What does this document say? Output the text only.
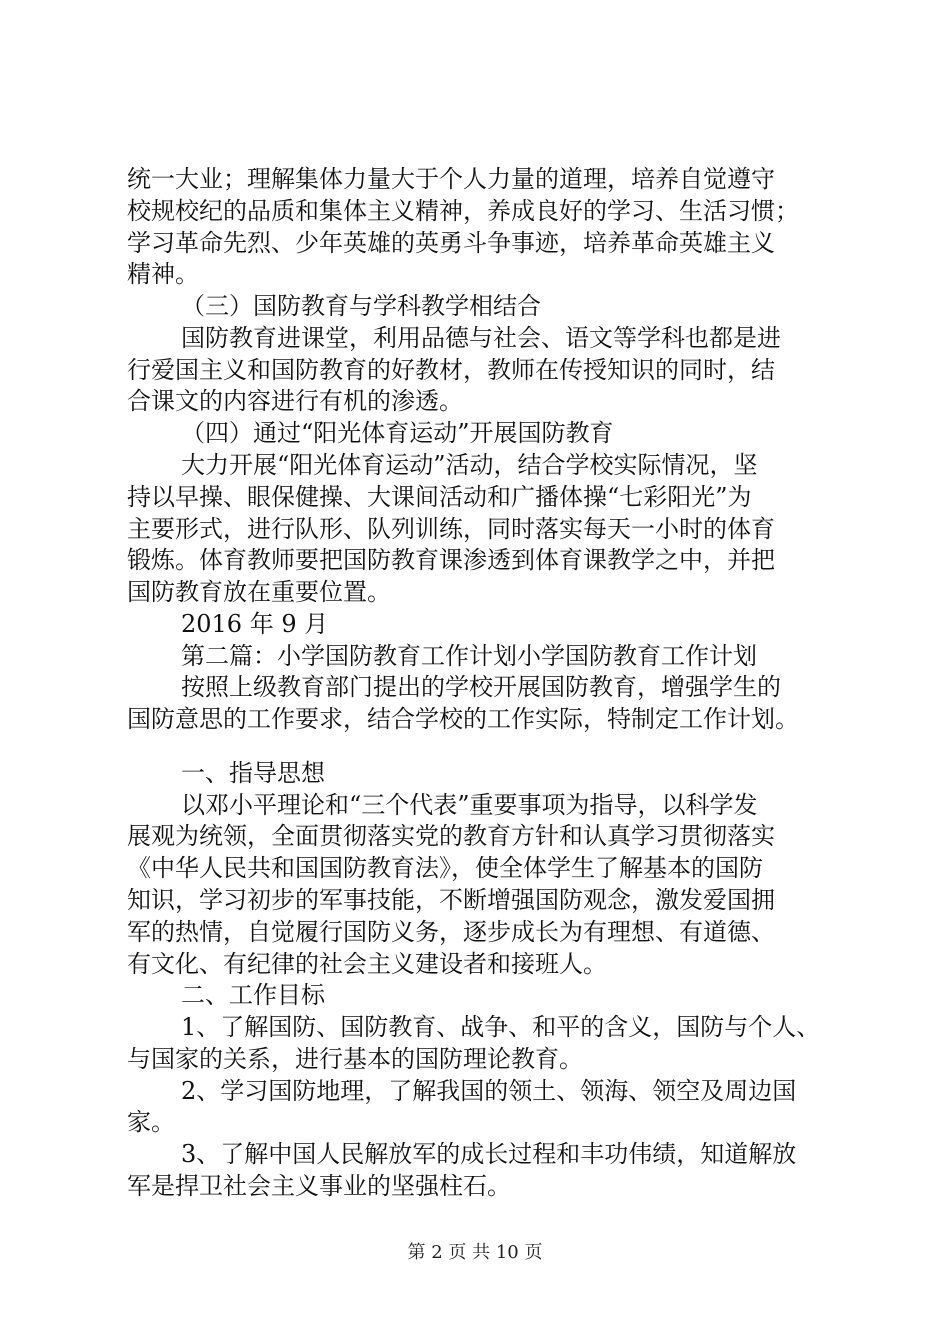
统一大业；理解集体力量大于个人力量的道理，培养自觉遵守
校规校纪的品质和集体主义精神，养成良好的学习、生活习惯；
学习革命先烈、少年英雄的英勇斗争事迹，培养革命英雄主义
精神。
（三）国防教育与学科教学相结合
国防教育进课堂，利用品德与社会、语文等学科也都是进
行爱国主义和国防教育的好教材，教师在传授知识的同时，结
合课文的内容进行有机的渗透。
（四）通过“阳光体育运动”开展国防教育
大力开展“阳光体育运动”活动，结合学校实际情况，坚
持以早操、眼保健操、大课间活动和广播体操“七彩阳光”为
主要形式，进行队形、队列训练，同时落实每天一小时的体育
锻炼。体育教师要把国防教育课渗透到体育课教学之中，并把
国防教育放在重要位置。
2016 年 9 月
第二篇：小学国防教育工作计划小学国防教育工作计划
按照上级教育部门提出的学校开展国防教育，增强学生的
国防意思的工作要求，结合学校的工作实际，特制定工作计划。
一、指导思想
以邓小平理论和“三个代表”重要事项为指导，以科学发
展观为统领，全面贯彻落实党的教育方针和认真学习贯彻落实
《中华人民共和国国防教育法》，使全体学生了解基本的国防
知识，学习初步的军事技能，不断增强国防观念，激发爱国拥
军的热情，自觉履行国防义务，逐步成长为有理想、有道德、
有文化、有纪律的社会主义建设者和接班人。
二、工作目标
1、了解国防、国防教育、战争、和平的含义，国防与个人、
与国家的关系，进行基本的国防理论教育。
第 2 页 共 10 页
2、学习国防地理，了解我国的领土、领海、领空及周边国
家。
3、了解中国人民解放军的成长过程和丰功伟绩，知道解放
军是捍卫社会主义事业的坚强柱石。
